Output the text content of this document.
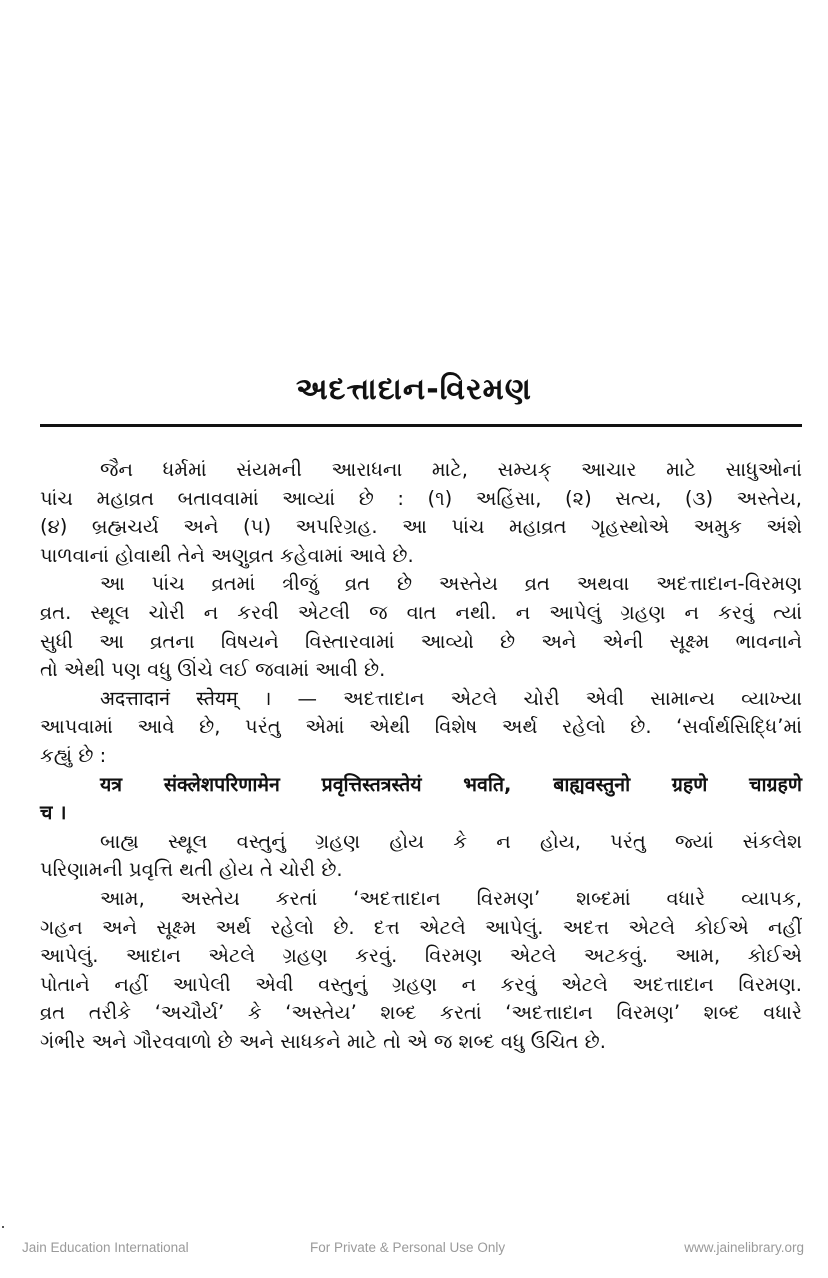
અદત્તાદાન-વિરમણ
જૈન ધર્મમાં સંયમની આરાધના માટે, સમ્યક્ આચાર માટે સાધુઓનાં
પાંચ મહાવ્રત બતાવવામાં આવ્યાં છે : (૧) અહિંસા, (૨) સત્ય, (૩) અસ્તેય,
(૪) બ્રહ્મચર્ય અને (૫) અપરિગ્રહ. આ પાંચ મહાવ્રત ગૃહસ્થોએ અમુક અંશે
પાળવાનાં હોવાથી તેને અણુવ્રત કહેવામાં આવે છે.
આ પાંચ વ્રતમાં ત્રીજું વ્રત છે અસ્તેય વ્રત અથવા અદત્તાદાન-વિરમણ
વ્રત. સ્થૂલ ચોરી ન કરવી એટલી જ વાત નથી. ન આપેલું ગ્રહણ ન કરવું ત્યાં
સુધી આ વ્રતના વિષયને વિસ્તારવામાં આવ્યો છે અને એની સૂક્ષ્મ ભાવનાને
તો એથી પણ વધુ ઊંચે લઈ જવામાં આવી છે.
अदत्तादानं स्तेयम् । — અદત્તાદાન એટલે ચોરી એવી સામાન્ય વ્યાખ્યા
આપવામાં આવે છે, પરંતુ એમાં એથી વિશેષ અર્થ રહેલો છે. ‘સર્વાર્થસિદ્ધિ’માં
કહ્યું છે :
यत्र संक्लेशपरिणामेन प्रवृत्तिस्तत्रस्तेयं भवति, बाह्यवस्तुनो ग्रहणे चाग्रहणे
च ।
બાહ્ય સ્થૂલ વસ્તુનું ગ્રહણ હોય કે ન હોય, પરંતુ જ્યાં સંકલેશ
પરિણામની પ્રવૃત્તિ થતી હોય તે ચોરી છે.
આમ, અસ્તેય કરતાં ‘અદત્તાદાન વિરમણ’ શબ્દમાં વધારે વ્યાપક,
ગહન અને સૂક્ષ્મ અર્થ રહેલો છે. દત્ત એટલે આપેલું. અદત્ત એટલે કોઈએ નહીં
આપેલું. આદાન એટલે ગ્રહણ કરવું. વિરમણ એટલે અટકવું. આમ, કોઈએ
પોતાને નહીં આપેલી એવી વસ્તુનું ગ્રહણ ન કરવું એટલે અદત્તાદાન વિરમણ.
વ્રત તરીકે ‘અચૌર્ય’ કે ‘અસ્તેય’ શબ્દ કરતાં ‘અદત્તાદાન વિરમણ’ શબ્દ વધારે
ગંભીર અને ગૌરવવાળો છે અને સાધકને માટે તો એ જ શબ્દ વધુ ઉચિત છે.
Jain Education International	For Private & Personal Use Only	www.jainelibrary.org
